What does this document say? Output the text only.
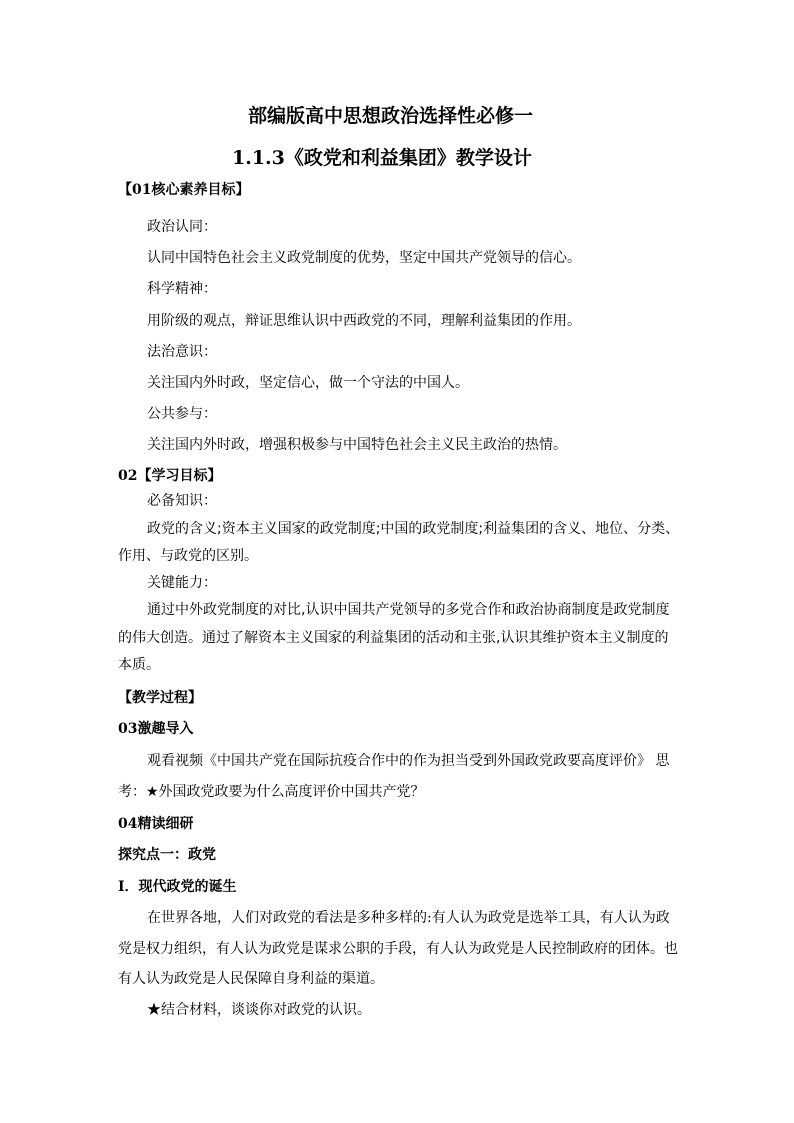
部编版高中思想政治选择性必修一
1.1.3《政党和利益集团》教学设计
【01核心素养目标】
政治认同：
认同中国特色社会主义政党制度的优势，坚定中国共产党领导的信心。
科学精神：
用阶级的观点，辩证思维认识中西政党的不同，理解利益集团的作用。
法治意识：
关注国内外时政，坚定信心，做一个守法的中国人。
公共参与：
关注国内外时政，增强积极参与中国特色社会主义民主政治的热情。
02【学习目标】
必备知识：
政党的含义;资本主义国家的政党制度;中国的政党制度;利益集团的含义、地位、分类、
作用、与政党的区别。
关键能力：
通过中外政党制度的对比,认识中国共产党领导的多党合作和政治协商制度是政党制度
的伟大创造。通过了解资本主义国家的利益集团的活动和主张,认识其维护资本主义制度的
本质。
【教学过程】
03激趣导入
观看视频《中国共产党在国际抗疫合作中的作为担当受到外国政党政要高度评价》 思
考：★外国政党政要为什么高度评价中国共产党？
04精读细研
探究点一：政党
Ⅰ．现代政党的诞生
在世界各地，人们对政党的看法是多种多样的:有人认为政党是选举工具，有人认为政
党是权力组织，有人认为政党是谋求公职的手段，有人认为政党是人民控制政府的团体。也
有人认为政党是人民保障自身利益的渠道。
★结合材料，谈谈你对政党的认识。
